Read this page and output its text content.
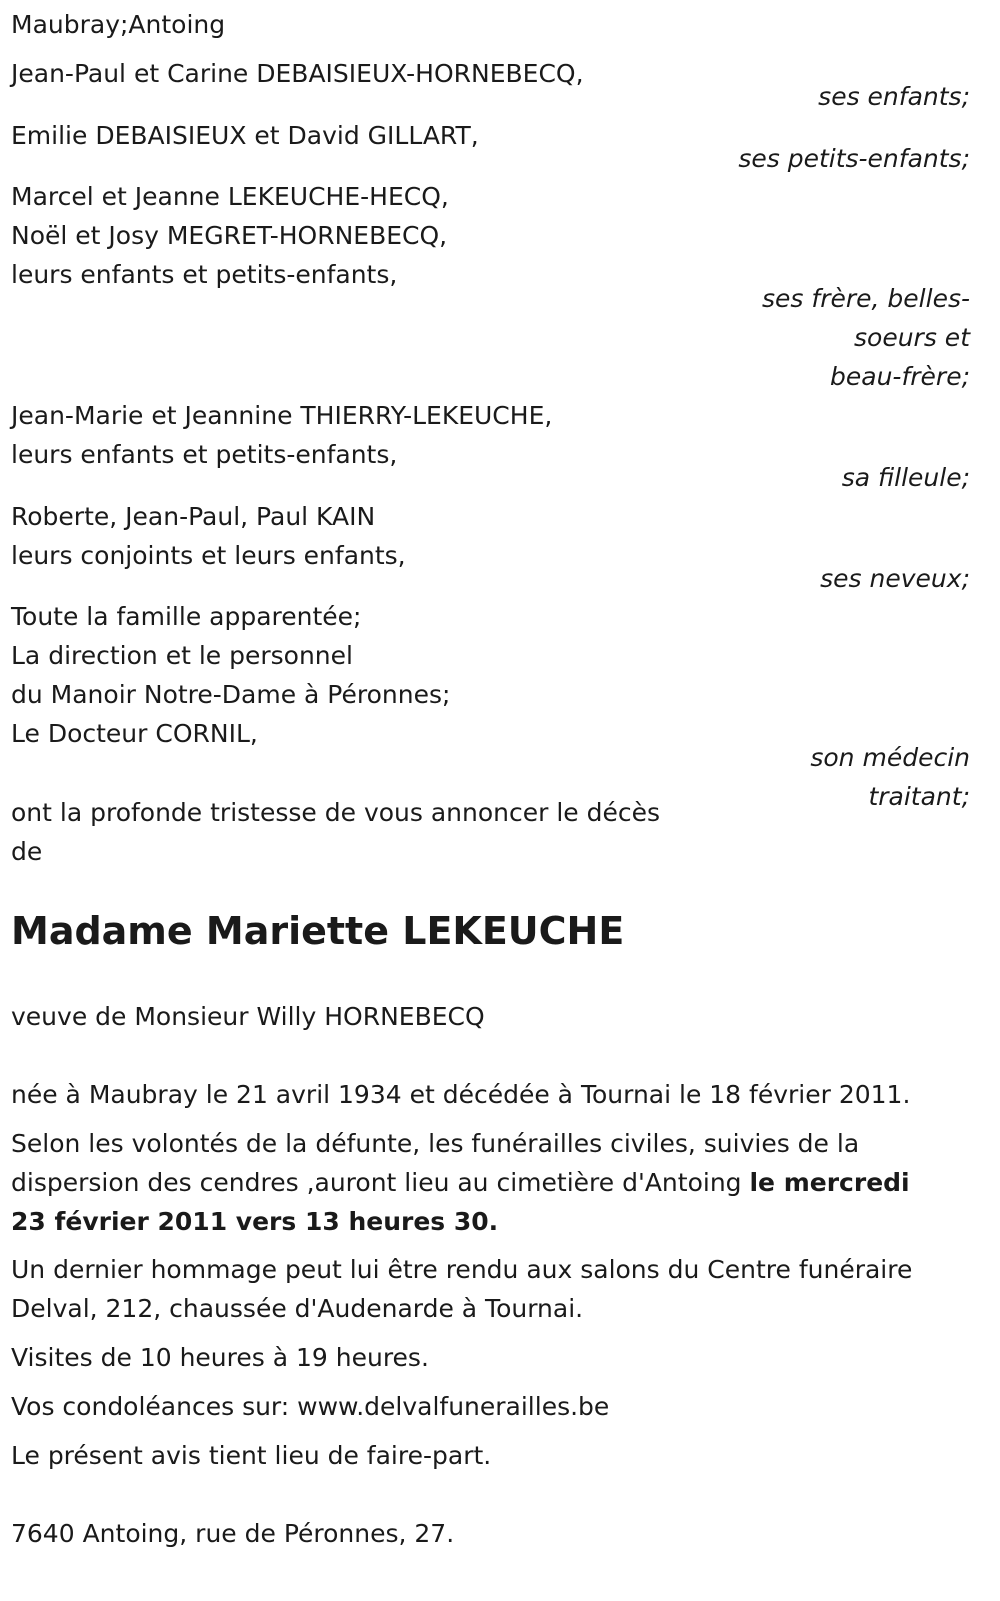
Maubray;Antoing
Jean-Paul et Carine DEBAISIEUX-HORNEBECQ,
ses enfants;
Emilie DEBAISIEUX et David GILLART,
ses petits-enfants;
Marcel et Jeanne LEKEUCHE-HECQ,
Noël et Josy MEGRET-HORNEBECQ,
leurs enfants et petits-enfants,
ses frère, belles-
soeurs et
beau-frère;
Jean-Marie et Jeannine THIERRY-LEKEUCHE,
leurs enfants et petits-enfants,
sa filleule;
Roberte, Jean-Paul, Paul KAIN
leurs conjoints et leurs enfants,
ses neveux;
Toute la famille apparentée;
La direction et le personnel
du Manoir Notre-Dame à Péronnes;
Le Docteur CORNIL,
son médecin
traitant;
ont la profonde tristesse de vous annoncer le décès
de
Madame Mariette LEKEUCHE
veuve de Monsieur Willy HORNEBECQ
née à Maubray le 21 avril 1934 et décédée à Tournai le 18 février 2011.
Selon les volontés de la défunte, les funérailles civiles, suivies de la
dispersion des cendres ,auront lieu au cimetière d'Antoing le mercredi
23 février 2011 vers 13 heures 30.
Un dernier hommage peut lui être rendu aux salons du Centre funéraire
Delval, 212, chaussée d'Audenarde à Tournai.
Visites de 10 heures à 19 heures.
Vos condoléances sur: www.delvalfunerailles.be
Le présent avis tient lieu de faire-part.
7640 Antoing, rue de Péronnes, 27.
